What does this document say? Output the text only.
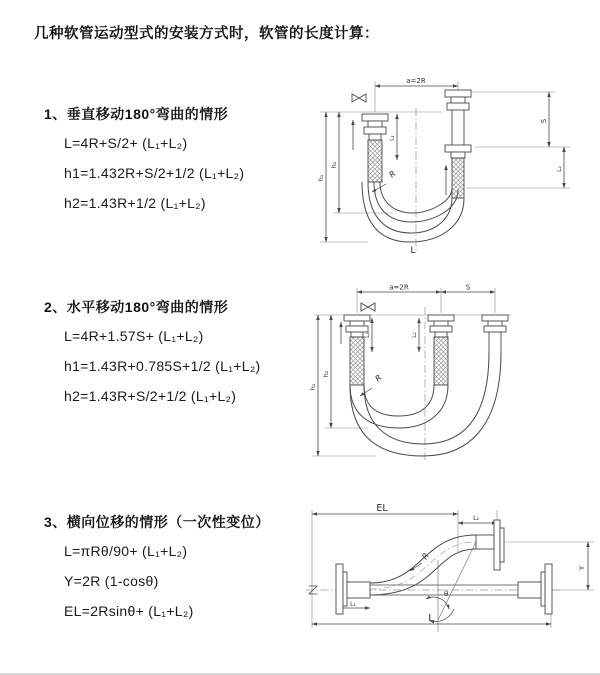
几种软管运动型式的安装方式时，软管的长度计算：
1、垂直移动180°弯曲的情形
L=4R+S/2+ (L₁+L₂)
h1=1.432R+S/2+1/2 (L₁+L₂)
h2=1.43R+1/2 (L₁+L₂)
2、水平移动180°弯曲的情形
L=4R+1.57S+ (L₁+L₂)
h1=1.43R+0.785S+1/2 (L₁+L₂)
h2=1.43R+S/2+1/2 (L₁+L₂)
3、横向位移的情形（一次性变位）
L=πRθ/90+ (L₁+L₂)
Y=2R (1-cosθ)
EL=2Rsinθ+ (L₁+L₂)
a=2R
R
L
h₁
h₂
L₁
S
L₂
a=2R	S
h₁
h₂
L₁	L₂
R
EL
L₂
Y
R
θ
L₁
L
